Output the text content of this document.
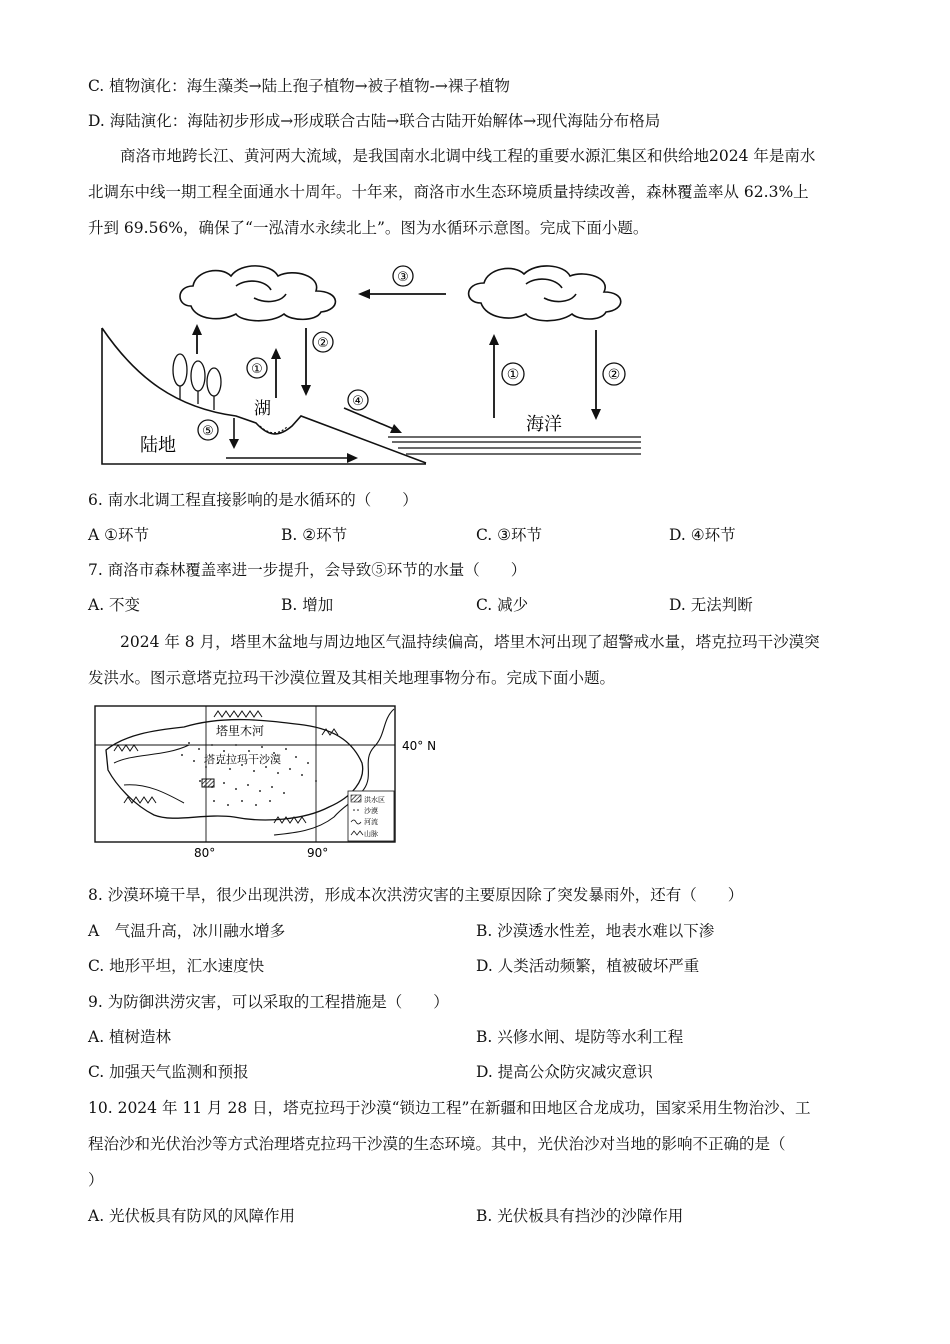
C. 植物演化：海生藻类→陆上孢子植物→被子植物-→裸子植物
D. 海陆演化：海陆初步形成→形成联合古陆→联合古陆开始解体→现代海陆分布格局
商洛市地跨长江、黄河两大流域，是我国南水北调中线工程的重要水源汇集区和供给地2024 年是南水
北调东中线一期工程全面通水十周年。十年来，商洛市水生态环境质量持续改善，森林覆盖率从 62.3%上
升到 69.56%，确保了“一泓清水永续北上”。图为水循环示意图。完成下面小题。
③
湖
①
②
④
⑤
陆地
海洋
①	②
6. 南水北调工程直接影响的是水循环的（　　）
A ①环节	B. ②环节	C. ③环节	D. ④环节
7. 商洛市森林覆盖率进一步提升，会导致⑤环节的水量（　　）
A. 不变	B. 增加	C. 减少	D. 无法判断
2024 年 8 月，塔里木盆地与周边地区气温持续偏高，塔里木河出现了超警戒水量，塔克拉玛干沙漠突
发洪水。图示意塔克拉玛干沙漠位置及其相关地理事物分布。完成下面小题。
塔里木河
塔克拉玛干沙漠
40° N
80°	90°
洪水区
沙漠
河流
山脉
8. 沙漠环境干旱，很少出现洪涝，形成本次洪涝灾害的主要原因除了突发暴雨外，还有（　　）
A　气温升高，冰川融水增多	B. 沙漠透水性差，地表水难以下渗
C. 地形平坦，汇水速度快	D. 人类活动频繁，植被破坏严重
9. 为防御洪涝灾害，可以采取的工程措施是（　　）
A. 植树造林	B. 兴修水闸、堤防等水利工程
C. 加强天气监测和预报	D. 提高公众防灾减灾意识
10. 2024 年 11 月 28 日，塔克拉玛于沙漠“锁边工程”在新疆和田地区合龙成功，国家采用生物治沙、工
程治沙和光伏治沙等方式治理塔克拉玛干沙漠的生态环境。其中，光伏治沙对当地的影响不正确的是（
）
A. 光伏板具有防风的风障作用	B. 光伏板具有挡沙的沙障作用
